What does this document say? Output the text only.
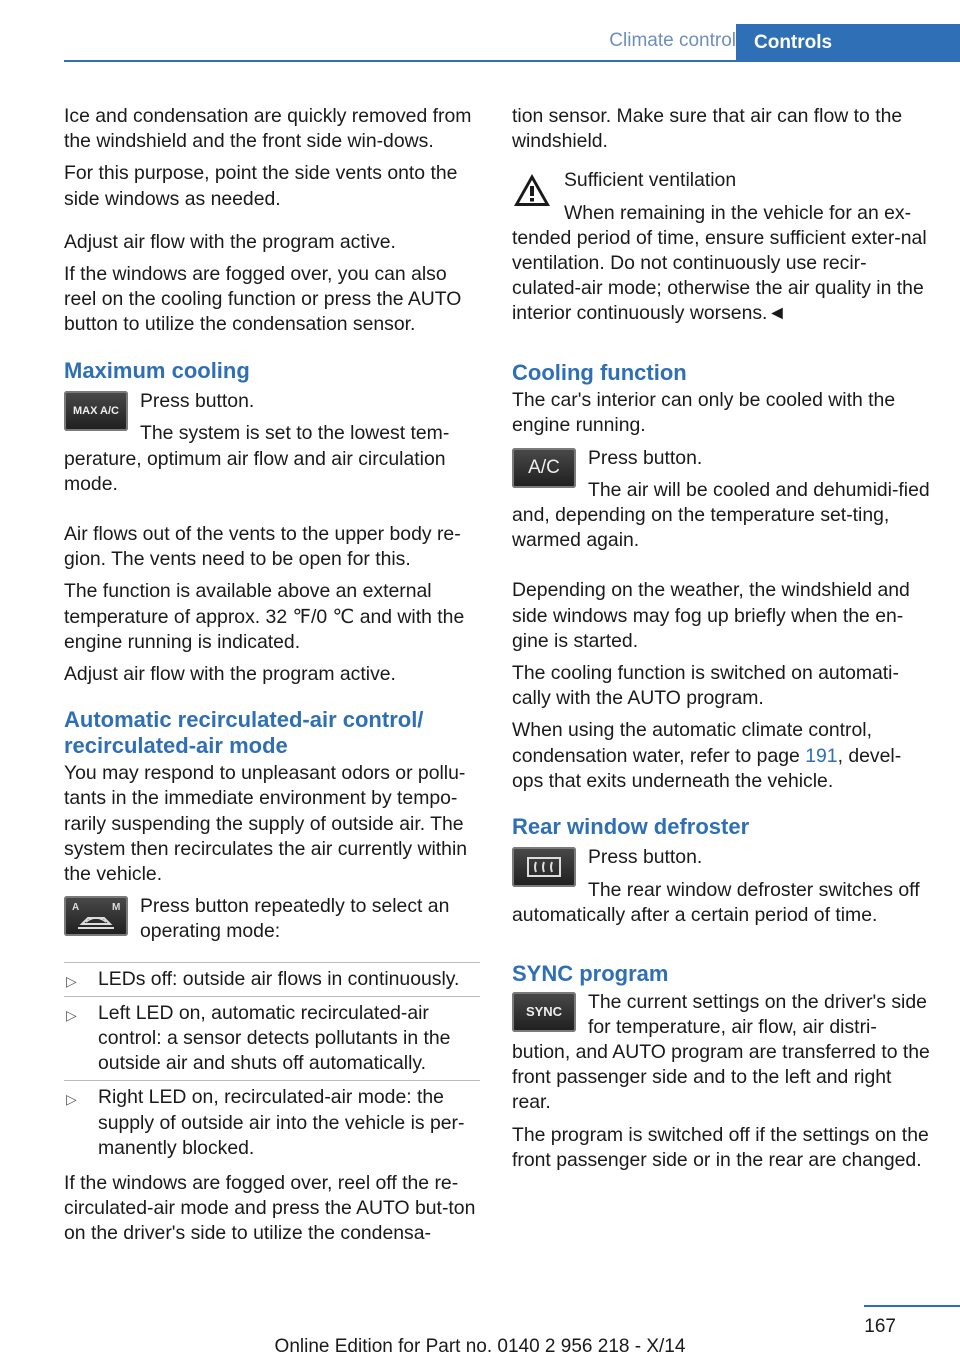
Climate control Controls

Ice and condensation are quickly removed from the windshield and the front side win-dows.

For this purpose, point the side vents onto the side windows as needed.

Adjust air flow with the program active.

If the windows are fogged over, you can also reel on the cooling function or press the AUTO button to utilize the condensation sensor.

Maximum cooling
MAX A/C	Press button.

The system is set to the lowest tem-perature, optimum air flow and air circulation mode.

Air flows out of the vents to the upper body re-gion. The vents need to be open for this.

The function is available above an external temperature of approx. 32 ℉/0 ℃ and with the engine running is indicated.

Adjust air flow with the program active.

Automatic recirculated-air control/ recirculated-air mode

You may respond to unpleasant odors or pollu-tants in the immediate environment by tempo-rarily suspending the supply of outside air. The system then recirculates the air currently within the vehicle.

A	M	Press button repeatedly to select an operating mode:

▷ LEDs off: outside air flows in continuously.
▷ Left LED on, automatic recirculated-air control: a sensor detects pollutants in the outside air and shuts off automatically.
▷ Right LED on, recirculated-air mode: the supply of outside air into the vehicle is per-manently blocked.

If the windows are fogged over, reel off the re-circulated-air mode and press the AUTO but-ton on the driver's side to utilize the condensa-

tion sensor. Make sure that air can flow to the windshield.

Sufficient ventilation

When remaining in the vehicle for an ex-tended period of time, ensure sufficient exter-nal ventilation. Do not continuously use recir-culated-air mode; otherwise the air quality in the interior continuously worsens.◄

Cooling function

The car's interior can only be cooled with the engine running.

A/C	Press button.

The air will be cooled and dehumidi-fied and, depending on the temperature set-ting, warmed again.

Depending on the weather, the windshield and side windows may fog up briefly when the en-gine is started.

The cooling function is switched on automati-cally with the AUTO program.

When using the automatic climate control, condensation water, refer to page 191, devel-ops that exits underneath the vehicle.

Rear window defroster

Press button.

The rear window defroster switches off automatically after a certain period of time.

SYNC program
SYNC	The current settings on the driver's side for temperature, air flow, air distri-bution, and AUTO program are transferred to the front passenger side and to the left and right rear.

The program is switched off if the settings on the front passenger side or in the rear are changed.

167
Online Edition for Part no. 0140 2 956 218 - X/14
